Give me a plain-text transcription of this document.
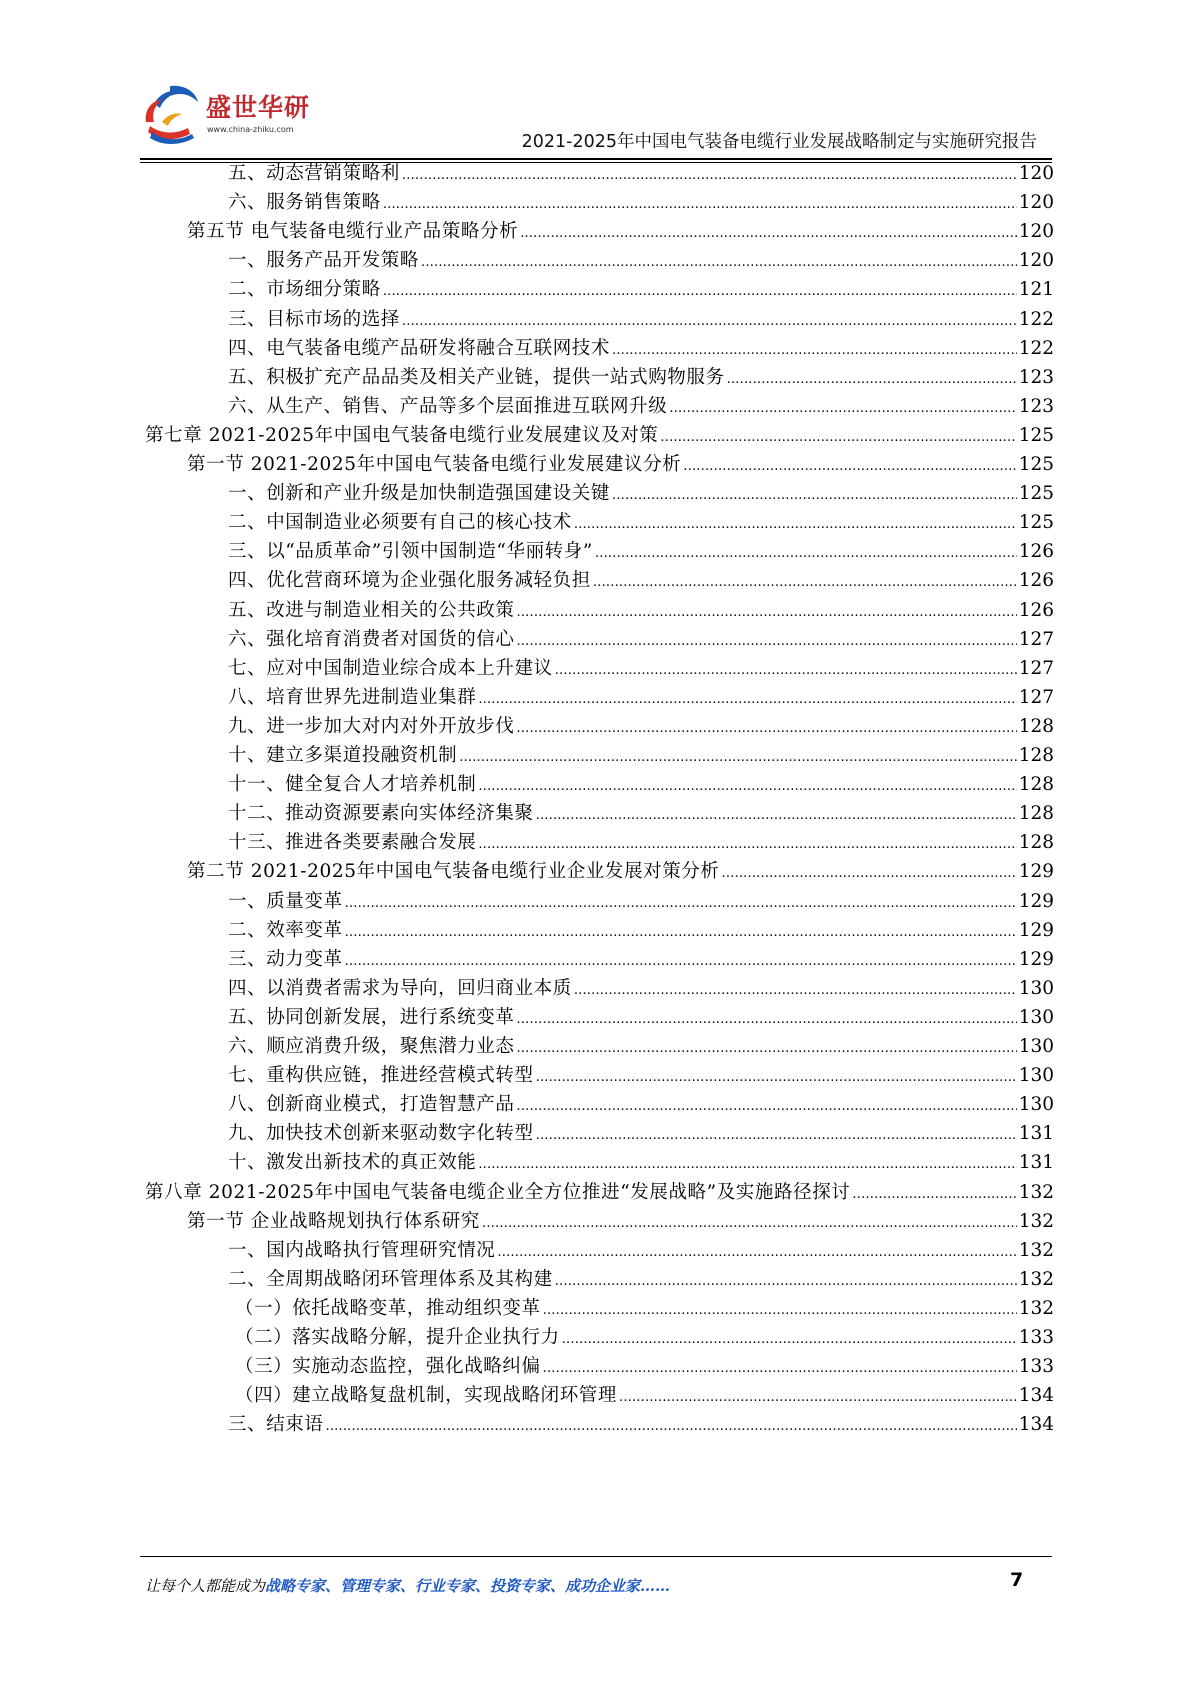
盛世华研
www.china-zhiku.com
2021-2025年中国电气装备电缆行业发展战略制定与实施研究报告
五、动态营销策略利 .....	120
六、服务销售策略 .....	120
第五节 电气装备电缆行业产品策略分析 .....	120
一、服务产品开发策略 .....	120
二、市场细分策略 .....	121
三、目标市场的选择 .....	122
四、电气装备电缆产品研发将融合互联网技术 .....	122
五、积极扩充产品品类及相关产业链，提供一站式购物服务 .....	123
六、从生产、销售、产品等多个层面推进互联网升级 .....	123
第七章 2021-2025年中国电气装备电缆行业发展建议及对策 .....	125
第一节 2021-2025年中国电气装备电缆行业发展建议分析 .....	125
一、创新和产业升级是加快制造强国建设关键 .....	125
二、中国制造业必须要有自己的核心技术 .....	125
三、以“品质革命”引领中国制造“华丽转身” .....	126
四、优化营商环境为企业强化服务减轻负担 .....	126
五、改进与制造业相关的公共政策 .....	126
六、强化培育消费者对国货的信心 .....	127
七、应对中国制造业综合成本上升建议 .....	127
八、培育世界先进制造业集群 .....	127
九、进一步加大对内对外开放步伐 .....	128
十、建立多渠道投融资机制 .....	128
十一、健全复合人才培养机制 .....	128
十二、推动资源要素向实体经济集聚 .....	128
十三、推进各类要素融合发展 .....	128
第二节 2021-2025年中国电气装备电缆行业企业发展对策分析 .....	129
一、质量变革 .....	129
二、效率变革 .....	129
三、动力变革 .....	129
四、以消费者需求为导向，回归商业本质 .....	130
五、协同创新发展，进行系统变革 .....	130
六、顺应消费升级，聚焦潜力业态 .....	130
七、重构供应链，推进经营模式转型 .....	130
八、创新商业模式，打造智慧产品 .....	130
九、加快技术创新来驱动数字化转型 .....	131
十、激发出新技术的真正效能 .....	131
第八章 2021-2025年中国电气装备电缆企业全方位推进“发展战略”及实施路径探讨 .....	132
第一节 企业战略规划执行体系研究 .....	132
一、国内战略执行管理研究情况 .....	132
二、全周期战略闭环管理体系及其构建 .....	132
（一）依托战略变革，推动组织变革 .....	132
（二）落实战略分解，提升企业执行力 .....	133
（三）实施动态监控，强化战略纠偏 .....	133
（四）建立战略复盘机制，实现战略闭环管理 .....	134
三、结束语 .....	134
让每个人都能成为战略专家、管理专家、行业专家、投资专家、成功企业家……	7
